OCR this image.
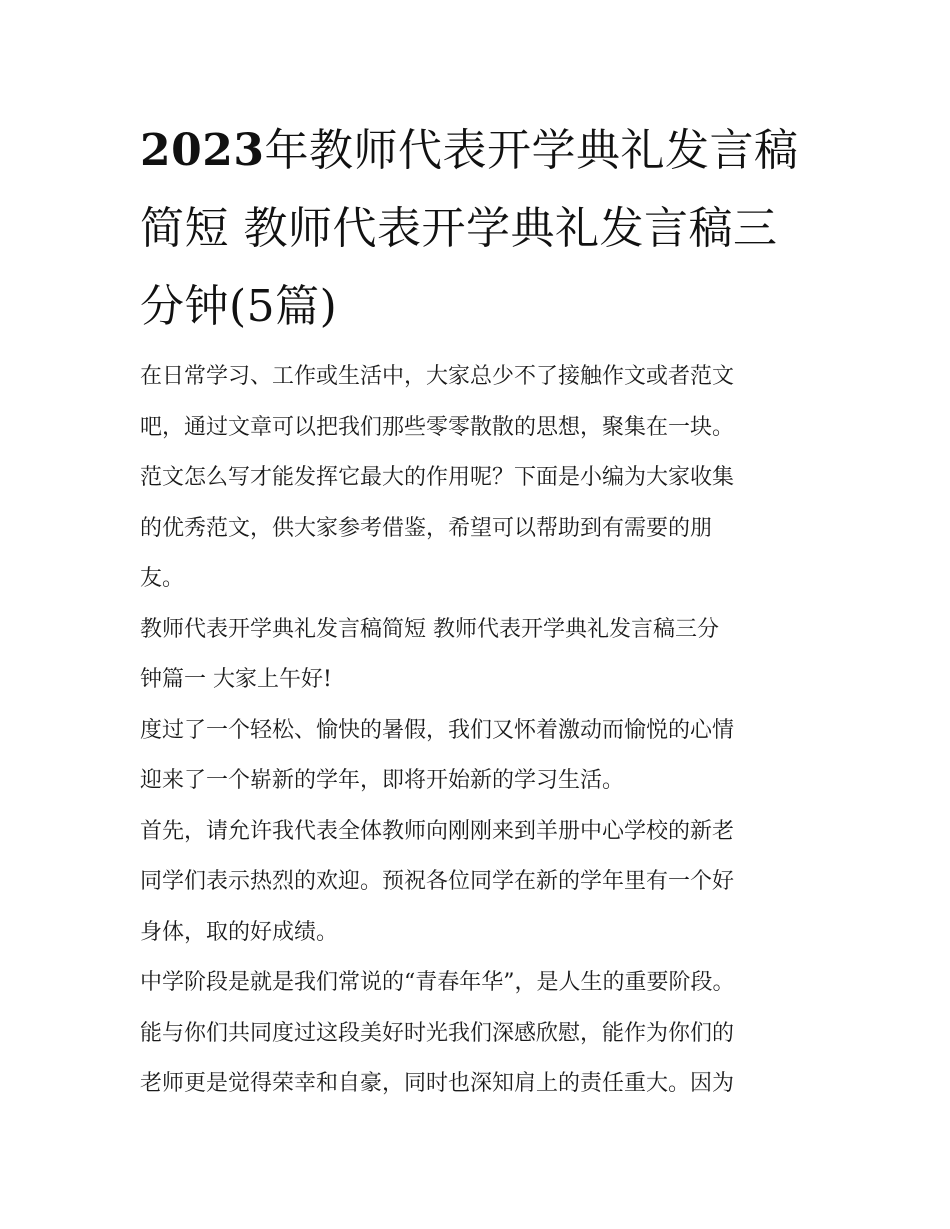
2023年教师代表开学典礼发言稿简短 教师代表开学典礼发言稿三分钟(5篇)
在日常学习、工作或生活中，大家总少不了接触作文或者范文
吧，通过文章可以把我们那些零零散散的思想，聚集在一块。
范文怎么写才能发挥它最大的作用呢？下面是小编为大家收集
的优秀范文，供大家参考借鉴，希望可以帮助到有需要的朋
友。
教师代表开学典礼发言稿简短 教师代表开学典礼发言稿三分
钟篇一 大家上午好!
度过了一个轻松、愉快的暑假，我们又怀着激动而愉悦的心情
迎来了一个崭新的学年，即将开始新的学习生活。
首先，请允许我代表全体教师向刚刚来到羊册中心学校的新老
同学们表示热烈的欢迎。预祝各位同学在新的学年里有一个好
身体，取的好成绩。
中学阶段是就是我们常说的“青春年华”，是人生的重要阶段。
能与你们共同度过这段美好时光我们深感欣慰，能作为你们的
老师更是觉得荣幸和自豪，同时也深知肩上的责任重大。因为
